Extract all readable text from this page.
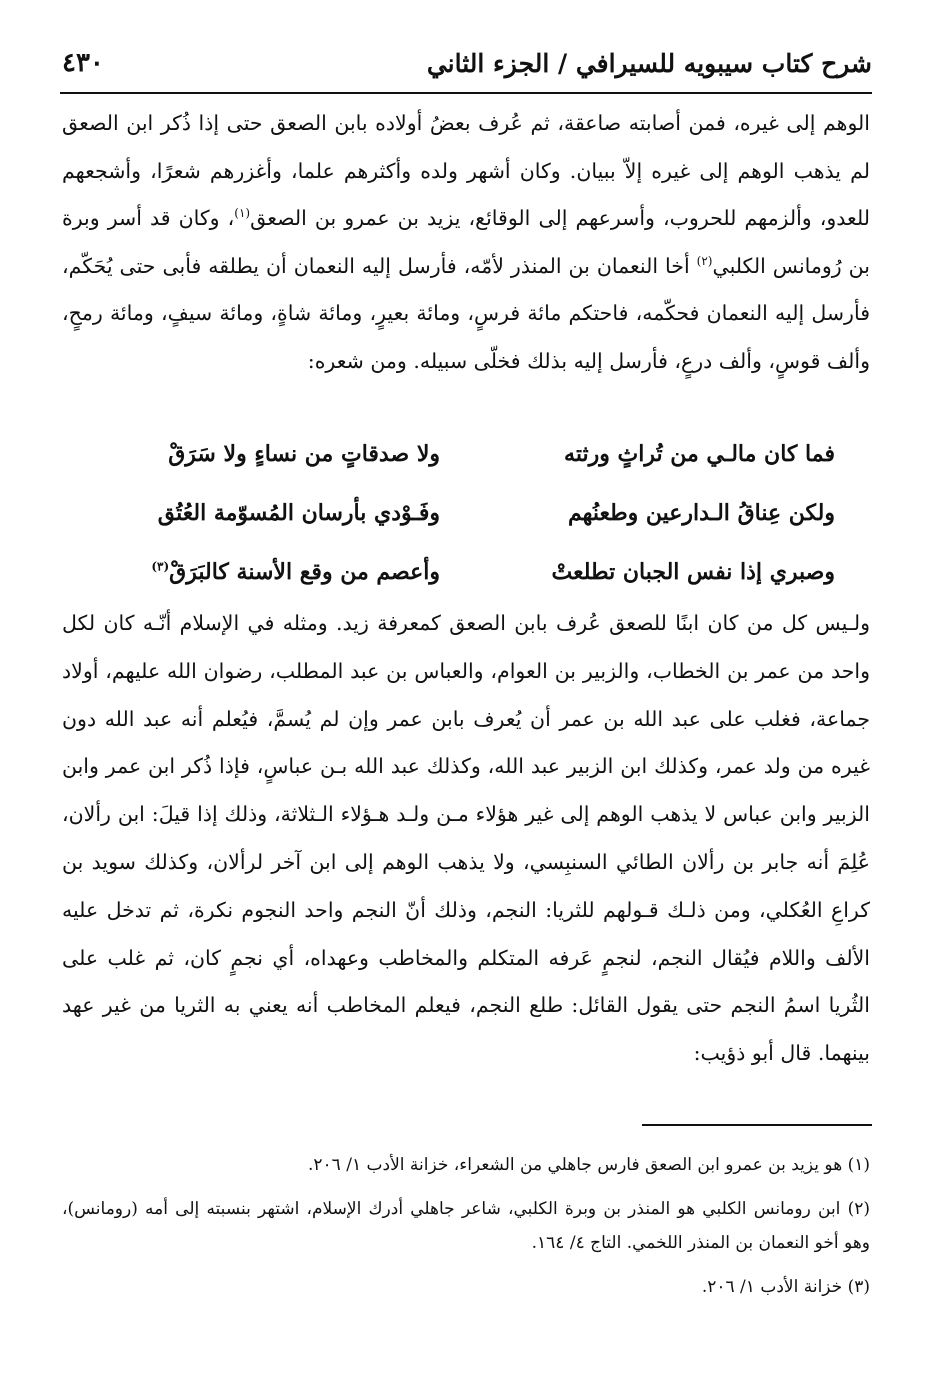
شرح كتاب سيبويه للسيرافي / الجزء الثاني
٤٣٠

الوهم إلى غيره، فمن أصابته صاعقة، ثم عُرف بعضُ أولاده بابن الصعق حتى إذا ذُكر ابن الصعق لم يذهب الوهم إلى غيره إلاّ ببيان. وكان أشهر ولده وأكثرهم علما، وأغزرهم شعرًا، وأشجعهم للعدو، وألزمهم للحروب، وأسرعهم إلى الوقائع، يزيد بن عمرو بن الصعق$^{(١)}$، وكان قد أسر وبرة بن رُومانس الكلبي$^{(٢)}$ أخا النعمان بن المنذر لأمّه، فأرسل إليه النعمان أن يطلقه فأبى حتى يُحَكّم، فأرسل إليه النعمان فحكّمه، فاحتكم مائة فرسٍ، ومائة بعيرٍ، ومائة شاةٍ، ومائة سيفٍ، ومائة رمحٍ، وألف قوسٍ، وألف درعٍ، فأرسل إليه بذلك فخلّى سبيله. ومن شعره:

فما كان مالـي من تُراثٍ ورثته
ولا صدقاتٍ من نساءٍ ولا سَرَقْ
ولكن عِناقُ الـدارعين وطعنُهم
وفَـوْدي بأرسان المُسوّمة العُتُق
وصبري إذا نفس الجبان تطلعتْ
وأعصم من وقع الأسنة كالبَرَقْ$^{(٣)}$

ولـيس كل من كان ابنًا للصعق عُرف بابن الصعق كمعرفة زيد. ومثله في الإسلام أنّـه كان لكل واحد من عمر بن الخطاب، والزبير بن العوام، والعباس بن عبد المطلب، رضوان الله عليهم، أولاد جماعة، فغلب على عبد الله بن عمر أن يُعرف بابن عمر وإن لم يُسمَّ، فيُعلم أنه عبد الله دون غيره من ولد عمر، وكذلك ابن الزبير عبد الله، وكذلك عبد الله بـن عباسٍ، فإذا ذُكر ابن عمر وابن الزبير وابن عباس لا يذهب الوهم إلى غير هؤلاء مـن ولـد هـؤلاء الـثلاثة، وذلك إذا قيلَ: ابن رألان، عُلِمَ أنه جابر بن رألان الطائي السنبِسي، ولا يذهب الوهم إلى ابن آخر لرألان، وكذلك سويد بن كراعِ العُكلي، ومن ذلـك قـولهم للثريا: النجم، وذلك أنّ النجم واحد النجوم نكرة، ثم تدخل عليه الألف واللام فيُقال النجم، لنجمٍ عَرفه المتكلم والمخاطب وعهداه، أي نجمٍ كان، ثم غلب على الثُريا اسمُ النجم حتى يقول القائل: طلع النجم، فيعلم المخاطب أنه يعني به الثريا من غير عهد بينهما. قال أبو ذؤيب:

(١) هو يزيد بن عمرو ابن الصعق فارس جاهلي من الشعراء، خزانة الأدب ١/ ٢٠٦.

(٢) ابن رومانس الكلبي هو المنذر بن وبرة الكلبي، شاعر جاهلي أدرك الإسلام، اشتهر بنسبته إلى أمه (رومانس)، وهو أخو النعمان بن المنذر اللخمي. التاج ٤/ ١٦٤.

(٣) خزانة الأدب ١/ ٢٠٦.
